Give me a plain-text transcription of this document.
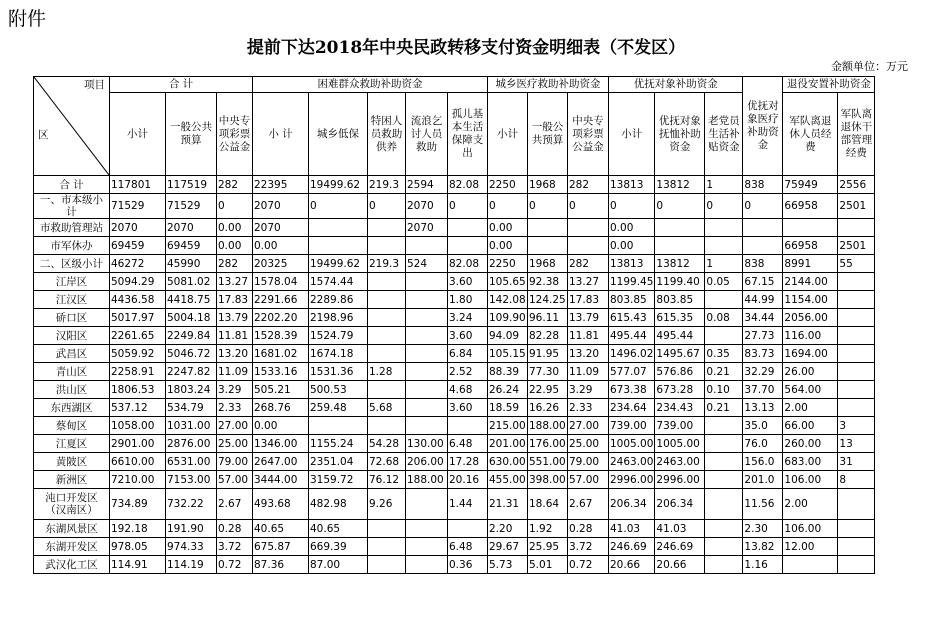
附件
提前下达2018年中央民政转移支付资金明细表（不发区）
金额单位：万元
项目
区	合 计			困难群众救助补助资金					城乡医疗救助补助资金			优抚对象补助资金			优抚对象医疗补助资金	退役安置补助资金	
	小计	一般公共预算	中央专项彩票公益金	小 计	城乡低保	特困人员救助供养	流浪乞讨人员救助	孤儿基本生活保障支出	小计	一般公共预算	中央专项彩票公益金	小计	优抚对象抚恤补助资金	老党员生活补贴资金		军队离退休人员经费	军队离退休干部管理经费
合 计	117801	117519	282	22395	19499.62	219.3	2594	82.08	2250	1968	282	13813	13812	1	838	75949	2556
一、市本级小计	71529	71529	0	2070	0	0	2070	0	0	0	0	0	0	0	0	66958	2501
市救助管理站	2070	2070	0.00	2070			2070		0.00			0.00					
市军休办	69459	69459	0.00	0.00					0.00			0.00				66958	2501
二、区级小计	46272	45990	282	20325	19499.62	219.3	524	82.08	2250	1968	282	13813	13812	1	838	8991	55
江岸区	5094.29	5081.02	13.27	1578.04	1574.44			3.60	105.65	92.38	13.27	1199.45	1199.40	0.05	67.15	2144.00	
江汉区	4436.58	4418.75	17.83	2291.66	2289.86			1.80	142.08	124.25	17.83	803.85	803.85		44.99	1154.00	
硚口区	5017.97	5004.18	13.79	2202.20	2198.96			3.24	109.90	96.11	13.79	615.43	615.35	0.08	34.44	2056.00	
汉阳区	2261.65	2249.84	11.81	1528.39	1524.79			3.60	94.09	82.28	11.81	495.44	495.44		27.73	116.00	
武昌区	5059.92	5046.72	13.20	1681.02	1674.18			6.84	105.15	91.95	13.20	1496.02	1495.67	0.35	83.73	1694.00	
青山区	2258.91	2247.82	11.09	1533.16	1531.36	1.28		2.52	88.39	77.30	11.09	577.07	576.86	0.21	32.29	26.00	
洪山区	1806.53	1803.24	3.29	505.21	500.53			4.68	26.24	22.95	3.29	673.38	673.28	0.10	37.70	564.00	
东西湖区	537.12	534.79	2.33	268.76	259.48	5.68		3.60	18.59	16.26	2.33	234.64	234.43	0.21	13.13	2.00	
蔡甸区	1058.00	1031.00	27.00	0.00					215.00	188.00	27.00	739.00	739.00		35.0	66.00	3
江夏区	2901.00	2876.00	25.00	1346.00	1155.24	54.28	130.00	6.48	201.00	176.00	25.00	1005.00	1005.00		76.0	260.00	13
黄陂区	6610.00	6531.00	79.00	2647.00	2351.04	72.68	206.00	17.28	630.00	551.00	79.00	2463.00	2463.00		156.0	683.00	31
新洲区	7210.00	7153.00	57.00	3444.00	3159.72	76.12	188.00	20.16	455.00	398.00	57.00	2996.00	2996.00		201.0	106.00	8
沌口开发区（汉南区）	734.89	732.22	2.67	493.68	482.98	9.26		1.44	21.31	18.64	2.67	206.34	206.34		11.56	2.00	
东湖风景区	192.18	191.90	0.28	40.65	40.65				2.20	1.92	0.28	41.03	41.03		2.30	106.00	
东湖开发区	978.05	974.33	3.72	675.87	669.39			6.48	29.67	25.95	3.72	246.69	246.69		13.82	12.00	
武汉化工区	114.91	114.19	0.72	87.36	87.00			0.36	5.73	5.01	0.72	20.66	20.66		1.16		
